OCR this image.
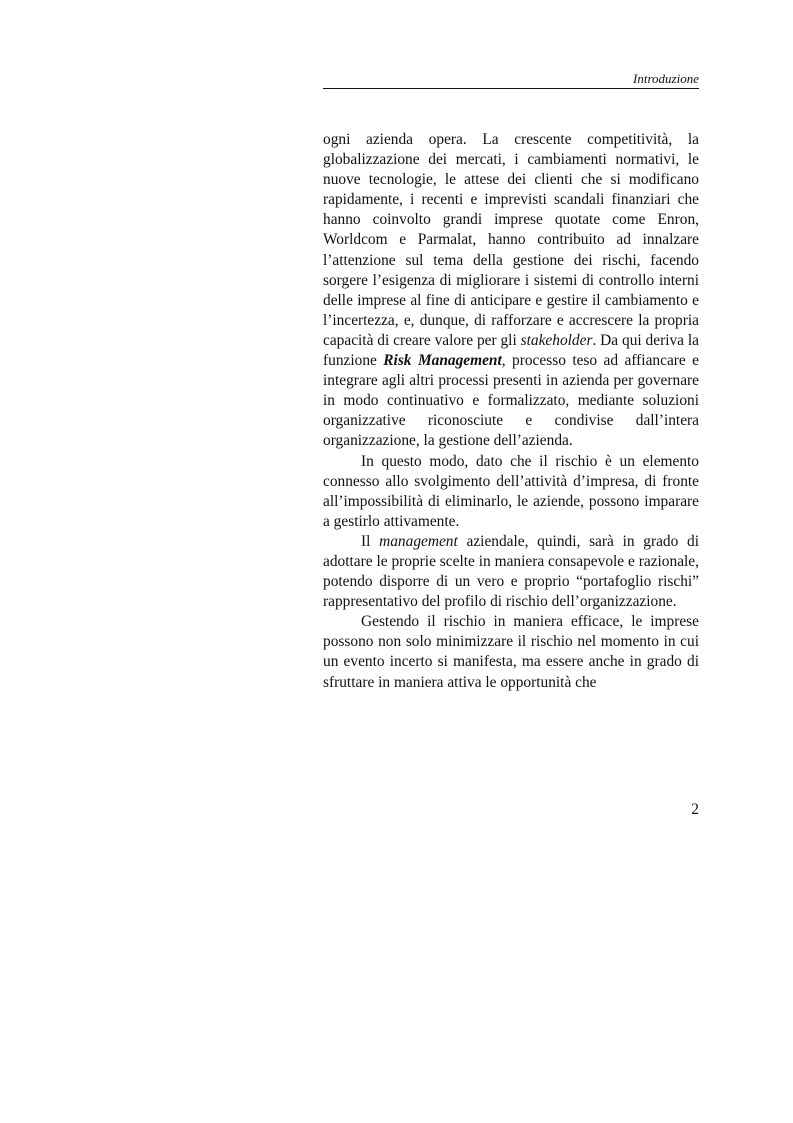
Introduzione

ogni azienda opera. La crescente competitività, la globalizzazione dei mercati, i cambiamenti normativi, le nuove tecnologie, le attese dei clienti che si modificano rapidamente, i recenti e imprevisti scandali finanziari che hanno coinvolto grandi imprese quotate come Enron, Worldcom e Parmalat, hanno contribuito ad innalzare l’attenzione sul tema della gestione dei rischi, facendo sorgere l’esigenza di migliorare i sistemi di controllo interni delle imprese al fine di anticipare e gestire il cambiamento e l’incertezza, e, dunque, di rafforzare e accrescere la propria capacità di creare valore per gli stakeholder. Da qui deriva la funzione Risk Management, processo teso ad affiancare e integrare agli altri processi presenti in azienda per governare in modo continuativo e formalizzato, mediante soluzioni organizzative riconosciute e condivise dall’intera organizzazione, la gestione dell’azienda.

In questo modo, dato che il rischio è un elemento connesso allo svolgimento dell’attività d’impresa, di fronte all’impossibilità di eliminarlo, le aziende, possono imparare a gestirlo attivamente.

Il management aziendale, quindi, sarà in grado di adottare le proprie scelte in maniera consapevole e razionale, potendo disporre di un vero e proprio “portafoglio rischi” rappresentativo del profilo di rischio dell’organizzazione.

Gestendo il rischio in maniera efficace, le imprese possono non solo minimizzare il rischio nel momento in cui un evento incerto si manifesta, ma essere anche in grado di sfruttare in maniera attiva le opportunità che

2
